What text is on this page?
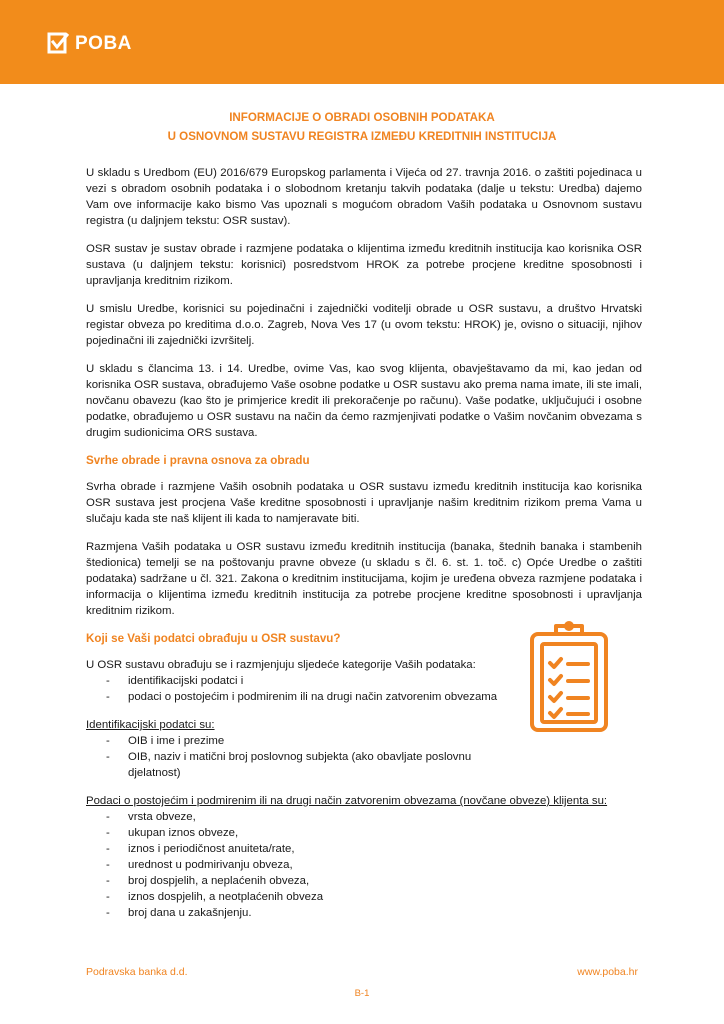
POBA
INFORMACIJE O OBRADI OSOBNIH PODATAKA
U OSNOVNOM SUSTAVU REGISTRA IZMEĐU KREDITNIH INSTITUCIJA

U skladu s Uredbom (EU) 2016/679 Europskog parlamenta i Vijeća od 27. travnja 2016. o zaštiti pojedinaca u vezi s obradom osobnih podataka i o slobodnom kretanju takvih podataka (dalje u tekstu: Uredba) dajemo Vam ove informacije kako bismo Vas upoznali s mogućom obradom Vaših podataka u Osnovnom sustavu registra (u daljnjem tekstu: OSR sustav).

OSR sustav je sustav obrade i razmjene podataka o klijentima između kreditnih institucija kao korisnika OSR sustava (u daljnjem tekstu: korisnici) posredstvom HROK za potrebe procjene kreditne sposobnosti i upravljanja kreditnim rizikom.

U smislu Uredbe, korisnici su pojedinačni i zajednički voditelji obrade u OSR sustavu, a društvo Hrvatski registar obveza po kreditima d.o.o. Zagreb, Nova Ves 17 (u ovom tekstu: HROK) je, ovisno o situaciji, njihov pojedinačni ili zajednički izvršitelj.

U skladu s člancima 13. i 14. Uredbe, ovime Vas, kao svog klijenta, obavještavamo da mi, kao jedan od korisnika OSR sustava, obrađujemo Vaše osobne podatke u OSR sustavu ako prema nama imate, ili ste imali, novčanu obavezu (kao što je primjerice kredit ili prekoračenje po računu). Vaše podatke, uključujući i osobne podatke, obrađujemo u OSR sustavu na način da ćemo razmjenjivati podatke o Vašim novčanim obvezama s drugim sudionicima ORS sustava.

Svrhe obrade i pravna osnova za obradu

Svrha obrade i razmjene Vaših osobnih podataka u OSR sustavu između kreditnih institucija kao korisnika OSR sustava jest procjena Vaše kreditne sposobnosti i upravljanje našim kreditnim rizikom prema Vama u slučaju kada ste naš klijent ili kada to namjeravate biti.

Razmjena Vaših podataka u OSR sustavu između kreditnih institucija (banaka, štednih banaka i stambenih štedionica) temelji se na poštovanju pravne obveze (u skladu s čl. 6. st. 1. toč. c) Opće Uredbe o zaštiti podataka) sadržane u čl. 321. Zakona o kreditnim institucijama, kojim je uređena obveza razmjene podataka i informacija o klijentima između kreditnih institucija za potrebe procjene kreditne sposobnosti i upravljanja kreditnim rizikom.

Koji se Vaši podatci obrađuju u OSR sustavu?

U OSR sustavu obrađuju se i razmjenjuju sljedeće kategorije Vaših podataka:

- identifikacijski podatci i
- podaci o postojećim i podmirenim ili na drugi način zatvorenim obvezama

Identifikacijski podatci su:

- OIB i ime i prezime
- OIB, naziv i matični broj poslovnog subjekta (ako obavljate poslovnu djelatnost)

Podaci o postojećim i podmirenim ili na drugi način zatvorenim obvezama (novčane obveze) klijenta su:

- vrsta obveze,
- ukupan iznos obveze,
- iznos i periodičnost anuiteta/rate,
- urednost u podmirivanju obveza,
- broj dospjelih, a neplaćenih obveza,
- iznos dospjelih, a neotplaćenih obveza
- broj dana u zakašnjenju.
Podravska banka d.d.	www.poba.hr
B-1
